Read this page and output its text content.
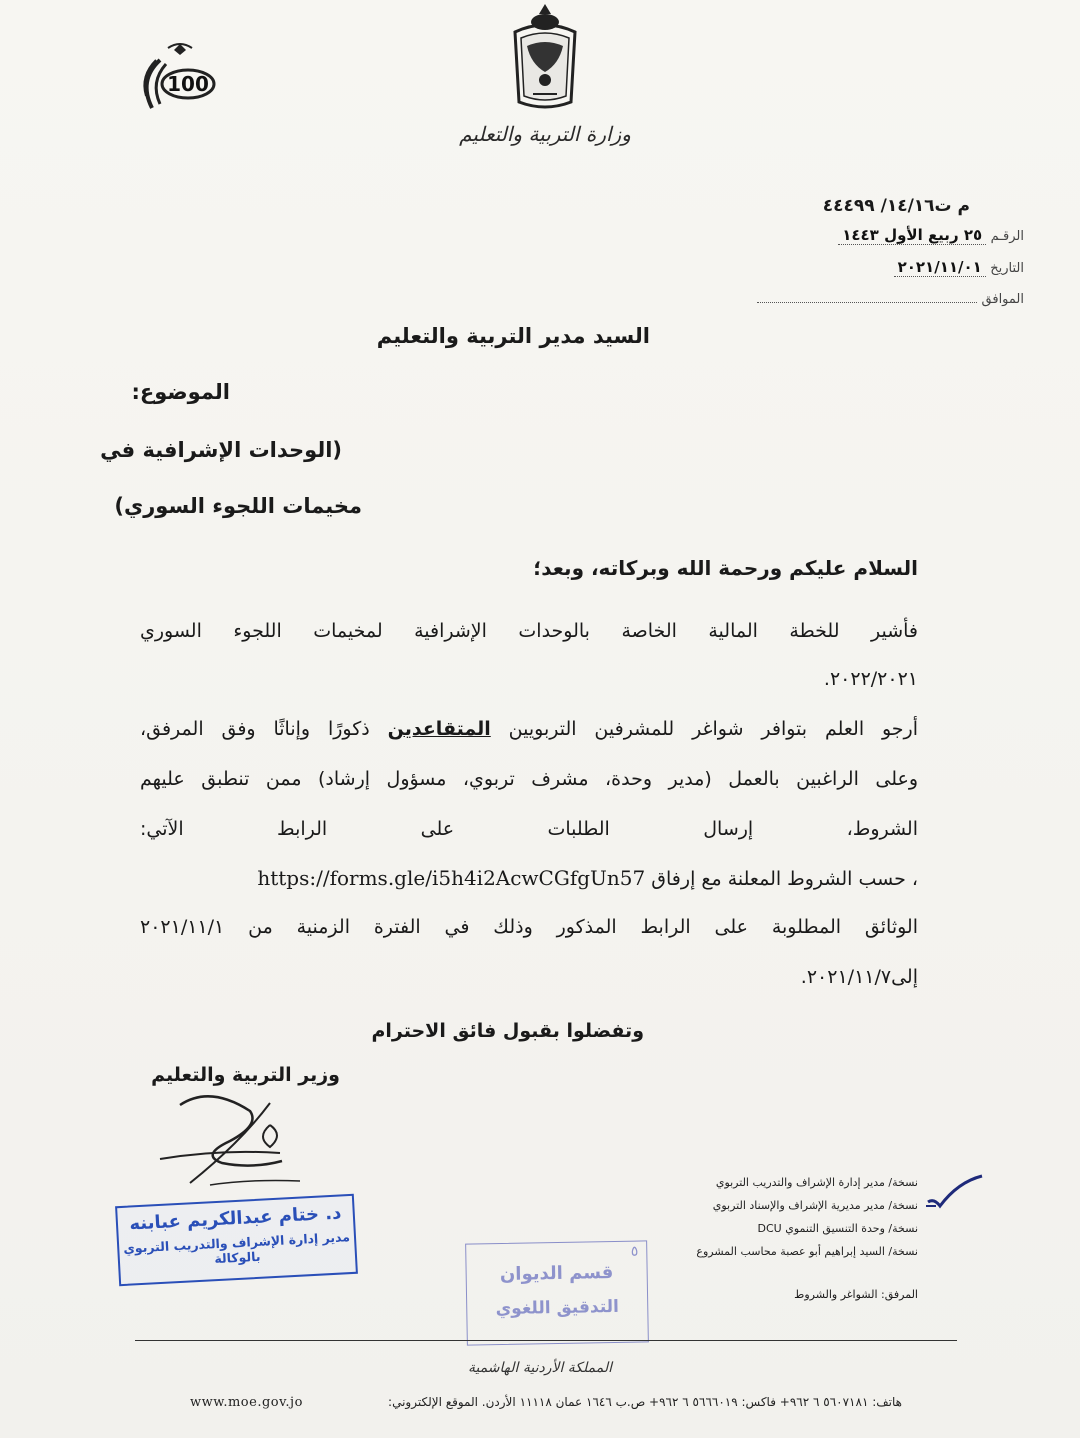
100
وزارة التربية والتعليم
م ت١٤/١٦/ ٤٤٤٩٩
الرقـم ٢٥ ربيع الأول ١٤٤٣
التاريخ ٢٠٢١/١١/٠١
الموافق
السيد مدير التربية والتعليم
الموضوع:
(الوحدات الإشرافية في
مخيمات اللجوء السوري)
السلام عليكم ورحمة الله وبركاته، وبعد؛
فأشير للخطة المالية الخاصة بالوحدات الإشرافية لمخيمات اللجوء السوري
٢٠٢٢/٢٠٢١.
أرجو العلم بتوافر شواغر للمشرفين التربويين المتقاعدين ذكورًا وإناثًا وفق المرفق،
وعلى الراغبين بالعمل (مدير وحدة، مشرف تربوي، مسؤول إرشاد) ممن تنطبق عليهم
الشروط، إرسال الطلبات على الرابط الآتي:
، حسب الشروط المعلنة مع إرفاق https://forms.gle/i5h4i2AcwCGfgUn57
الوثائق المطلوبة على الرابط المذكور وذلك في الفترة الزمنية من ٢٠٢١/١١/١
إلى٢٠٢١/١١/٧.
وتفضلوا بقبول فائق الاحترام
وزير التربية والتعليم
د. ختام عبدالكريم عبابنه
مدير إدارة الإشراف والتدريب التربوي بالوكالة	٥
قسم الديوان
التدقيق اللغوي
نسخة/ مدير إدارة الإشراف والتدريب التربوي
نسخة/ مدير مديرية الإشراف والإسناد التربوي
نسخة/ وحدة التنسيق التنموي DCU
نسخة/ السيد إبراهيم أبو عصبة محاسب المشروع
المرفق: الشواغر والشروط
المملكة الأردنية الهاشمية
www.moe.gov.jo	هاتف: ٥٦٠٧١٨١ ٦ ٩٦٢+ فاكس: ٥٦٦٦٠١٩ ٦ ٩٦٢+ ص.ب ١٦٤٦ عمان ١١١١٨ الأردن. الموقع الإلكتروني:
